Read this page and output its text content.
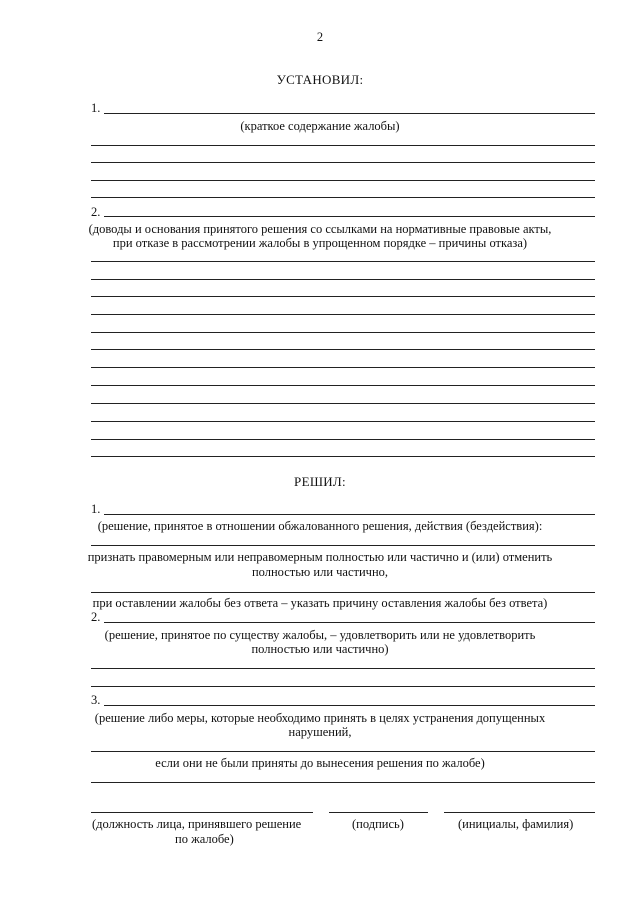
2
УСТАНОВИЛ:
1.
(краткое содержание жалобы)
2.
(доводы и основания принятого решения со ссылками на нормативные правовые акты,
при отказе в рассмотрении жалобы в упрощенном порядке – причины отказа)
РЕШИЛ:
1.
(решение, принятое в отношении обжалованного решения, действия (бездействия):
признать правомерным или неправомерным полностью или частично и (или) отменить
полностью или частично,
при оставлении жалобы без ответа – указать причину оставления жалобы без ответа)
2.
(решение, принятое по существу жалобы, – удовлетворить или не удовлетворить
полностью или частично)
3.
(решение либо меры, которые необходимо принять в целях устранения допущенных
нарушений,
если они не были приняты до вынесения решения по жалобе)
(должность лица, принявшего решение
по жалобе)
(подпись)	(инициалы, фамилия)
